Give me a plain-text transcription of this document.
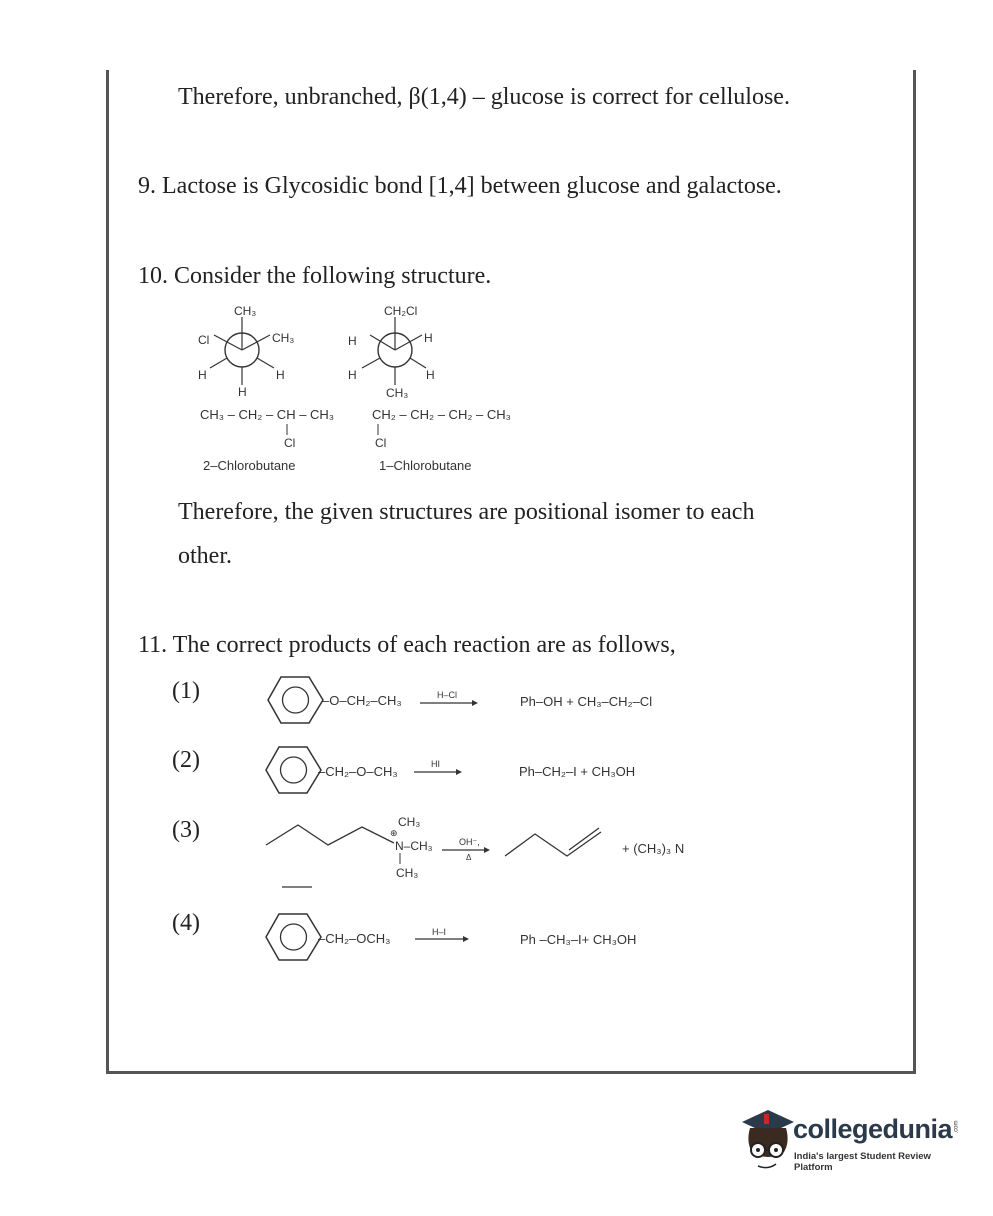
Therefore, unbranched, β(1,4) – glucose is correct for cellulose.
9. Lactose is Glycosidic bond [1,4] between glucose and galactose.
10. Consider the following structure.
CH₃
Cl	CH₃
H	H
H
CH₃ – CH₂ – CH – CH₃
Cl
2–Chlorobutane
CH₂Cl
H	H
H	H
CH₃
CH₂ – CH₂ – CH₂ – CH₃
Cl
1–Chlorobutane
Therefore, the given structures are positional isomer to each
other.
11. The correct products of each reaction are as follows,
(1)	–O–CH₂–CH₃	H–Cl	Ph–OH + CH₃–CH₂–Cl
(2)	–CH₂–O–CH₃	HI	Ph–CH₂–I + CH₃OH
(3)	CH₃
⊕
N–CH₃
CH₃
OH⁻,
Δ
+ (CH₃)₃ N
(4)
–CH₂–OCH₃	H–I	Ph –CH₃–I+ CH₃OH
collegedunia .com
India's largest Student Review Platform
